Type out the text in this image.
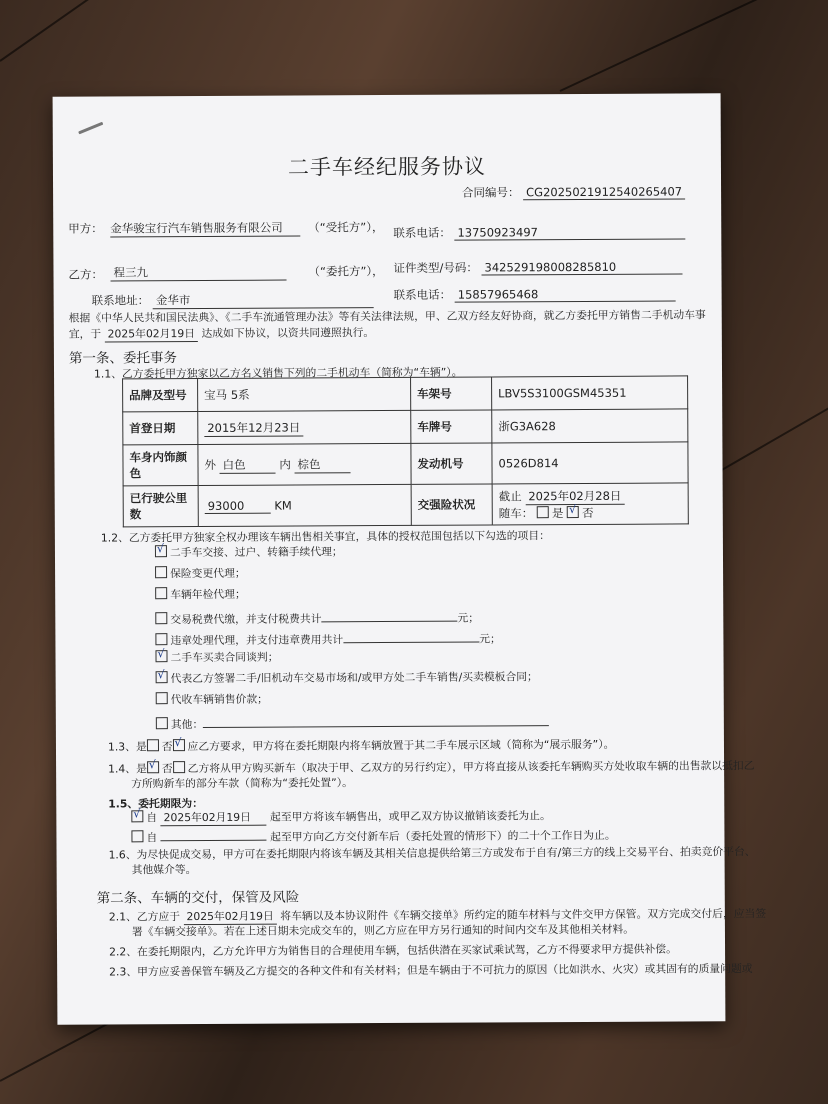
二手车经纪服务协议
合同编号： CG2025021912540265407
甲方： 金华骏宝行汽车销售服务有限公司	（“受托方”）， 联系电话： 13750923497
乙方： 程三九	（“委托方”）， 证件类型/号码： 342529198008285810
联系地址： 金华市	联系电话： 15857965468
根据《中华人民共和国民法典》、《二手车流通管理办法》等有关法律法规，甲、乙双方经友好协商，就乙方委托甲方销售二手机动车事
宜，于 2025年02月19日 达成如下协议，以资共同遵照执行。
第一条、委托事务
1.1、乙方委托甲方独家以乙方名义销售下列的二手机动车（简称为“车辆”）。
品牌及型号	宝马 5系	车架号	LBV5S3100GSM45351
首登日期	2015年12月23日	车牌号	浙G3A628
车身内饰颜色	外 白色 内 棕色	发动机号	0526D814
已行驶公里数	93000 KM	交强险状况	截止 2025年02月28日
随车： 是 √ 否
1.2、乙方委托甲方独家全权办理该车辆出售相关事宜，具体的授权范围包括以下勾选的项目：
√二手车交接、过户、转籍手续代理；
保险变更代理；
车辆年检代理；
交易税费代缴，并支付税费共计	元；
违章处理代理，并支付违章费用共计	元；
√二手车买卖合同谈判；
√代表乙方签署二手/旧机动车交易市场和/或甲方处二手车销售/买卖模板合同；
代收车辆销售价款；
其他：
1.3、是 否 √ 应乙方要求，甲方将在委托期限内将车辆放置于其二手车展示区域（简称为“展示服务”）。
1.4、是 √ 否 乙方将从甲方购买新车（取决于甲、乙双方的另行约定），甲方将直接从该委托车辆购买方处收取车辆的出售款以抵扣乙
方所购新车的部分车款（简称为“委托处置”）。
1.5、委托期限为：
√自 2025年02月19日 起至甲方将该车辆售出，或甲乙双方协议撤销该委托为止。
自	起至甲方向乙方交付新车后（委托处置的情形下）的二十个工作日为止。
1.6、为尽快促成交易，甲方可在委托期限内将该车辆及其相关信息提供给第三方或发布于自有/第三方的线上交易平台、拍卖竞价平台、
其他媒介等。
第二条、车辆的交付，保管及风险
2.1、乙方应于 2025年02月19日 将车辆以及本协议附件《车辆交接单》所约定的随车材料与文件交甲方保管。双方完成交付后，应当签
署《车辆交接单》。若在上述日期未完成交车的，则乙方应在甲方另行通知的时间内交车及其他相关材料。
2.2、在委托期限内，乙方允许甲方为销售目的合理使用车辆，包括供潜在买家试乘试驾，乙方不得要求甲方提供补偿。
2.3、甲方应妥善保管车辆及乙方提交的各种文件和有关材料；但是车辆由于不可抗力的原因（比如洪水、火灾）或其固有的质量问题或
